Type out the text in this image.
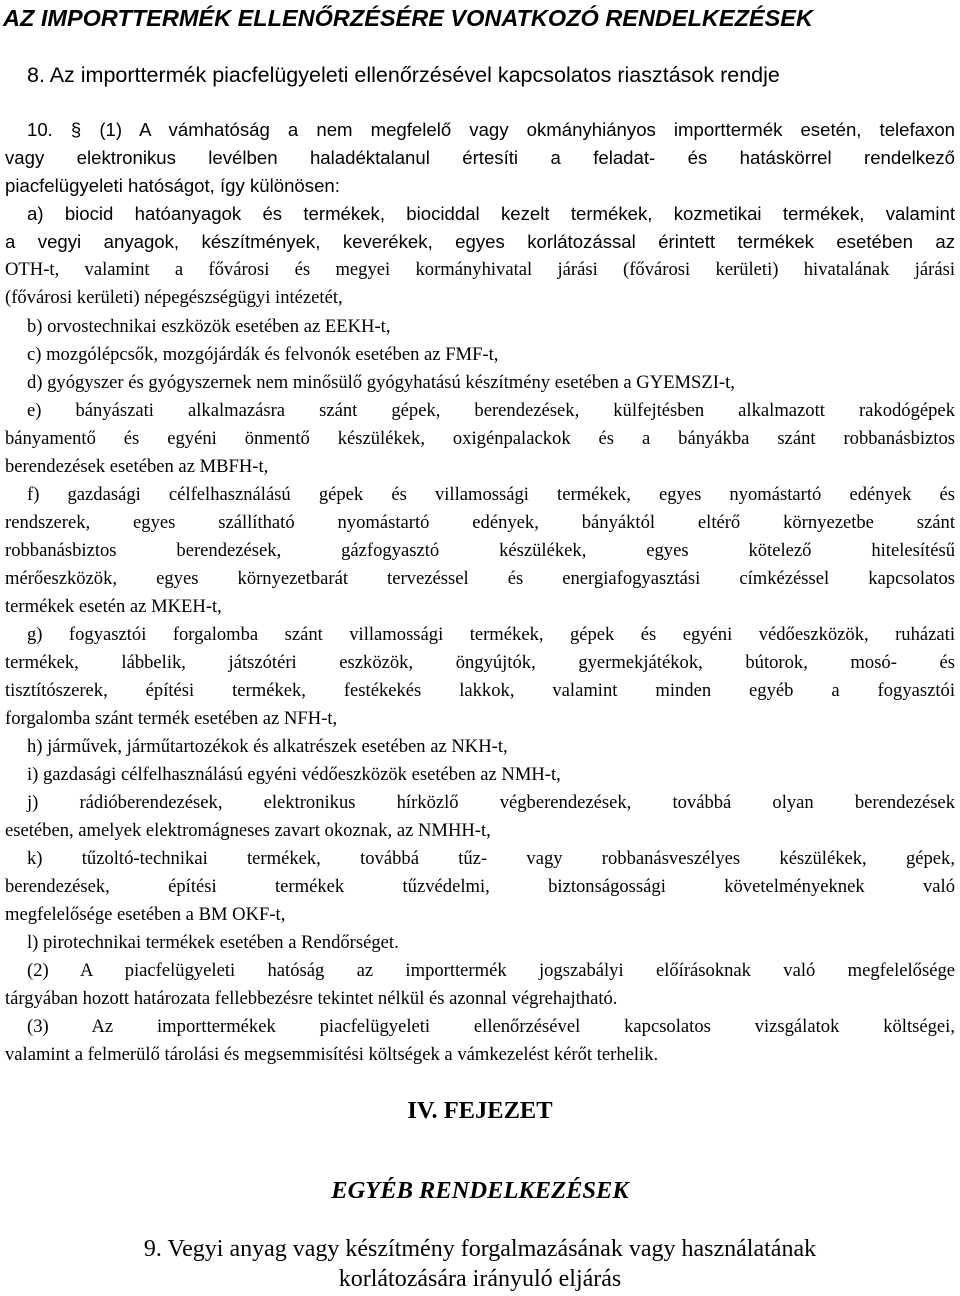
AZ IMPORTTERMÉK ELLENŐRZÉSÉRE VONATKOZÓ RENDELKEZÉSEK
8. Az importtermék piacfelügyeleti ellenőrzésével kapcsolatos riasztások rendje
10. § (1) A vámhatóság a nem megfelelő vagy okmányhiányos importtermék esetén, telefaxon
vagy elektronikus levélben haladéktalanul értesíti a feladat- és hatáskörrel rendelkező
piacfelügyeleti hatóságot, így különösen:
a) biocid hatóanyagok és termékek, biociddal kezelt termékek, kozmetikai termékek, valamint
a vegyi anyagok, készítmények, keverékek, egyes korlátozással érintett termékek esetében az
OTH-t, valamint a fővárosi és megyei kormányhivatal járási (fővárosi kerületi) hivatalának járási
(fővárosi kerületi) népegészségügyi intézetét,
b) orvostechnikai eszközök esetében az EEKH-t,
c) mozgólépcsők, mozgójárdák és felvonók esetében az FMF-t,
d) gyógyszer és gyógyszernek nem minősülő gyógyhatású készítmény esetében a GYEMSZI-t,
e) bányászati alkalmazásra szánt gépek, berendezések, külfejtésben alkalmazott rakodógépek
bányamentő és egyéni önmentő készülékek, oxigénpalackok és a bányákba szánt robbanásbiztos
berendezések esetében az MBFH-t,
f) gazdasági célfelhasználású gépek és villamossági termékek, egyes nyomástartó edények és
rendszerek, egyes szállítható nyomástartó edények, bányáktól eltérő környezetbe szánt
robbanásbiztos berendezések, gázfogyasztó készülékek, egyes kötelező hitelesítésű
mérőeszközök, egyes környezetbarát tervezéssel és energiafogyasztási címkézéssel kapcsolatos
termékek esetén az MKEH-t,
g) fogyasztói forgalomba szánt villamossági termékek, gépek és egyéni védőeszközök, ruházati
termékek, lábbelik, játszótéri eszközök, öngyújtók, gyermekjátékok, bútorok, mosó- és
tisztítószerek, építési termékek, festékekés lakkok, valamint minden egyéb a fogyasztói
forgalomba szánt termék esetében az NFH-t,
h) járművek, járműtartozékok és alkatrészek esetében az NKH-t,
i) gazdasági célfelhasználású egyéni védőeszközök esetében az NMH-t,
j) rádióberendezések, elektronikus hírközlő végberendezések, továbbá olyan berendezések
esetében, amelyek elektromágneses zavart okoznak, az NMHH-t,
k) tűzoltó-technikai termékek, továbbá tűz- vagy robbanásveszélyes készülékek, gépek,
berendezések, építési termékek tűzvédelmi, biztonságossági követelményeknek való
megfelelősége esetében a BM OKF-t,
l) pirotechnikai termékek esetében a Rendőrséget.
(2) A piacfelügyeleti hatóság az importtermék jogszabályi előírásoknak való megfelelősége
tárgyában hozott határozata fellebbezésre tekintet nélkül és azonnal végrehajtható.
(3) Az importtermékek piacfelügyeleti ellenőrzésével kapcsolatos vizsgálatok költségei,
valamint a felmerülő tárolási és megsemmisítési költségek a vámkezelést kérőt terhelik.
IV. FEJEZET
EGYÉB RENDELKEZÉSEK
9. Vegyi anyag vagy készítmény forgalmazásának vagy használatának
korlátozására irányuló eljárás
